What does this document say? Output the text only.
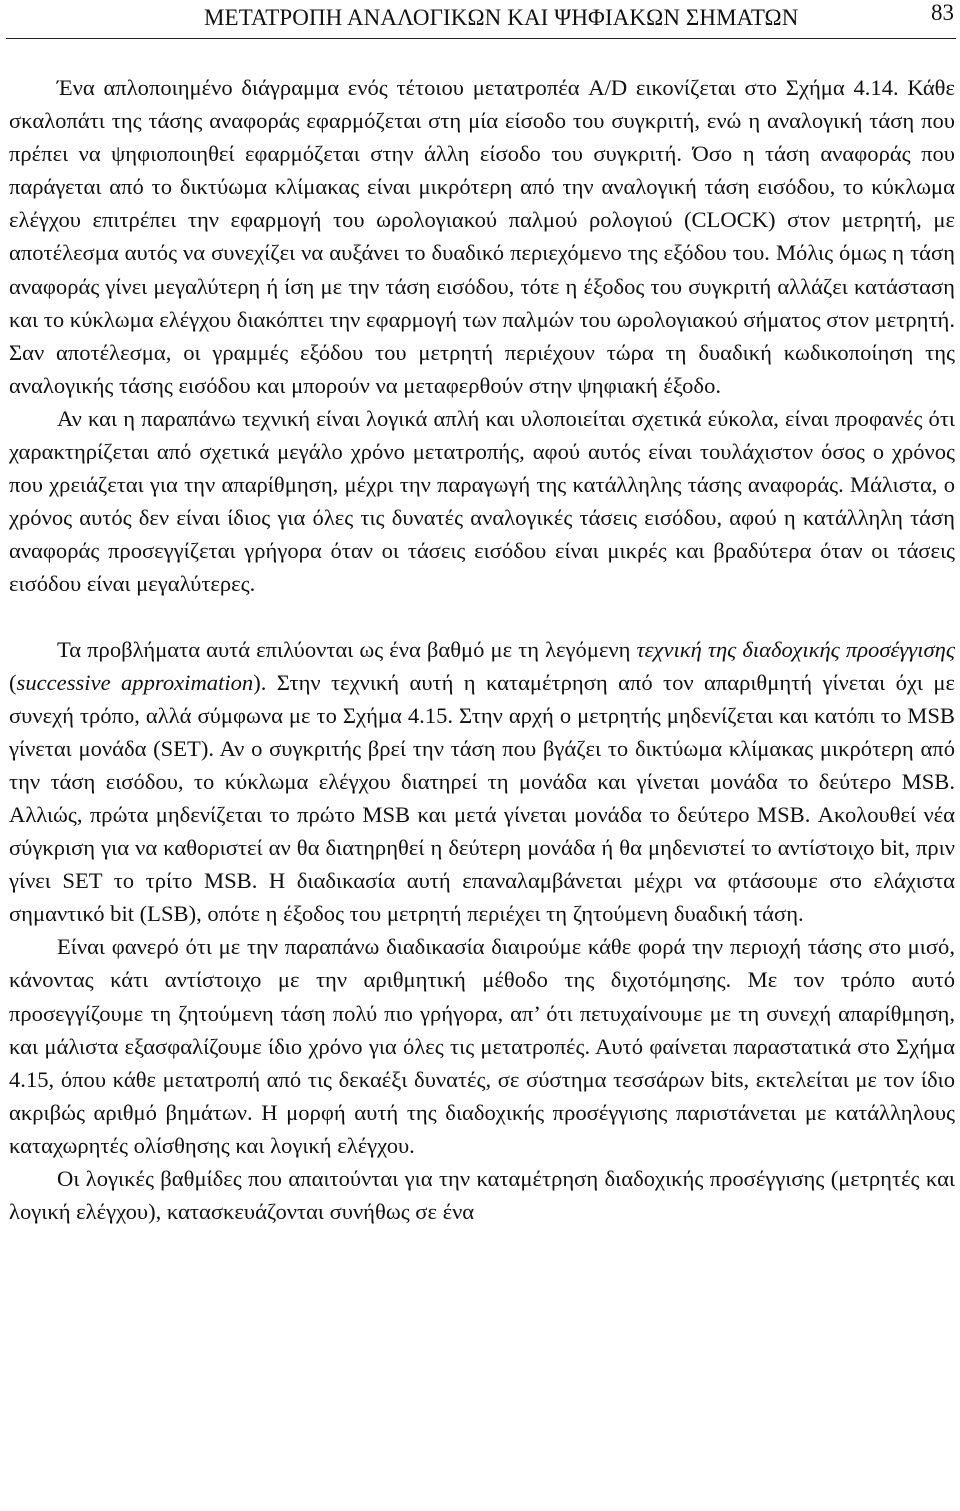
ΜΕΤΑΤΡΟΠΗ ΑΝΑΛΟΓΙΚΩΝ ΚΑΙ ΨΗΦΙΑΚΩΝ ΣΗΜΑΤΩΝ	83

Ένα απλοποιημένο διάγραμμα ενός τέτοιου μετατροπέα A/D εικονίζεται στο Σχήμα 4.14. Κάθε σκαλοπάτι της τάσης αναφοράς εφαρμόζεται στη μία είσοδο του συγκριτή, ενώ η αναλογική τάση που πρέπει να ψηφιοποιηθεί εφαρμόζεται στην άλλη είσοδο του συγκριτή. Όσο η τάση αναφοράς που παράγεται από το δικτύωμα κλίμακας είναι μικρότερη από την αναλογική τάση εισόδου, το κύκλωμα ελέγχου επιτρέπει την εφαρμογή του ωρολογιακού παλμού ρολογιού (CLOCK) στον μετρητή, με αποτέλεσμα αυτός να συνεχίζει να αυξάνει το δυαδικό περιεχόμενο της εξόδου του. Μόλις όμως η τάση αναφοράς γίνει μεγαλύτερη ή ίση με την τάση εισόδου, τότε η έξοδος του συγκριτή αλλάζει κατάσταση και το κύκλωμα ελέγχου διακόπτει την εφαρμογή των παλμών του ωρολογιακού σήματος στον μετρητή. Σαν αποτέλεσμα, οι γραμμές εξόδου του μετρητή περιέχουν τώρα τη δυαδική κωδικοποίηση της αναλογικής τάσης εισόδου και μπορούν να μεταφερθούν στην ψηφιακή έξοδο.

Αν και η παραπάνω τεχνική είναι λογικά απλή και υλοποιείται σχετικά εύκολα, είναι προφανές ότι χαρακτηρίζεται από σχετικά μεγάλο χρόνο μετατροπής, αφού αυτός είναι τουλάχιστον όσος ο χρόνος που χρειάζεται για την απαρίθμηση, μέχρι την παραγωγή της κατάλληλης τάσης αναφοράς. Μάλιστα, ο χρόνος αυτός δεν είναι ίδιος για όλες τις δυνατές αναλογικές τάσεις εισόδου, αφού η κατάλληλη τάση αναφοράς προσεγγίζεται γρήγορα όταν οι τάσεις εισόδου είναι μικρές και βραδύτερα όταν οι τάσεις εισόδου είναι μεγαλύτερες.

Τα προβλήματα αυτά επιλύονται ως ένα βαθμό με τη λεγόμενη τεχνική της διαδοχικής προσέγγισης (successive approximation). Στην τεχνική αυτή η καταμέτρηση από τον απαριθμητή γίνεται όχι με συνεχή τρόπο, αλλά σύμφωνα με το Σχήμα 4.15. Στην αρχή ο μετρητής μηδενίζεται και κατόπι το MSB γίνεται μονάδα (SET). Αν ο συγκριτής βρεί την τάση που βγάζει το δικτύωμα κλίμακας μικρότερη από την τάση εισόδου, το κύκλωμα ελέγχου διατηρεί τη μονάδα και γίνεται μονάδα το δεύτερο MSB. Αλλιώς, πρώτα μηδενίζεται το πρώτο MSB και μετά γίνεται μονάδα το δεύτερο MSB. Ακολουθεί νέα σύγκριση για να καθοριστεί αν θα διατηρηθεί η δεύτερη μονάδα ή θα μηδενιστεί το αντίστοιχο bit, πριν γίνει SET το τρίτο MSB. Η διαδικασία αυτή επαναλαμβάνεται μέχρι να φτάσουμε στο ελάχιστα σημαντικό bit (LSB), οπότε η έξοδος του μετρητή περιέχει τη ζητούμενη δυαδική τάση.

Είναι φανερό ότι με την παραπάνω διαδικασία διαιρούμε κάθε φορά την περιοχή τάσης στο μισό, κάνοντας κάτι αντίστοιχο με την αριθμητική μέθοδο της διχοτόμησης. Με τον τρόπο αυτό προσεγγίζουμε τη ζητούμενη τάση πολύ πιο γρήγορα, απ’ ότι πετυχαίνουμε με τη συνεχή απαρίθμηση, και μάλιστα εξασφαλίζουμε ίδιο χρόνο για όλες τις μετατροπές. Αυτό φαίνεται παραστατικά στο Σχήμα 4.15, όπου κάθε μετατροπή από τις δεκαέξι δυνατές, σε σύστημα τεσσάρων bits, εκτελείται με τον ίδιο ακριβώς αριθμό βημάτων. Η μορφή αυτή της διαδοχικής προσέγγισης παριστάνεται με κατάλληλους καταχωρητές ολίσθησης και λογική ελέγχου.

Οι λογικές βαθμίδες που απαιτούνται για την καταμέτρηση διαδοχικής προσέγγισης (μετρητές και λογική ελέγχου), κατασκευάζονται συνήθως σε ένα
